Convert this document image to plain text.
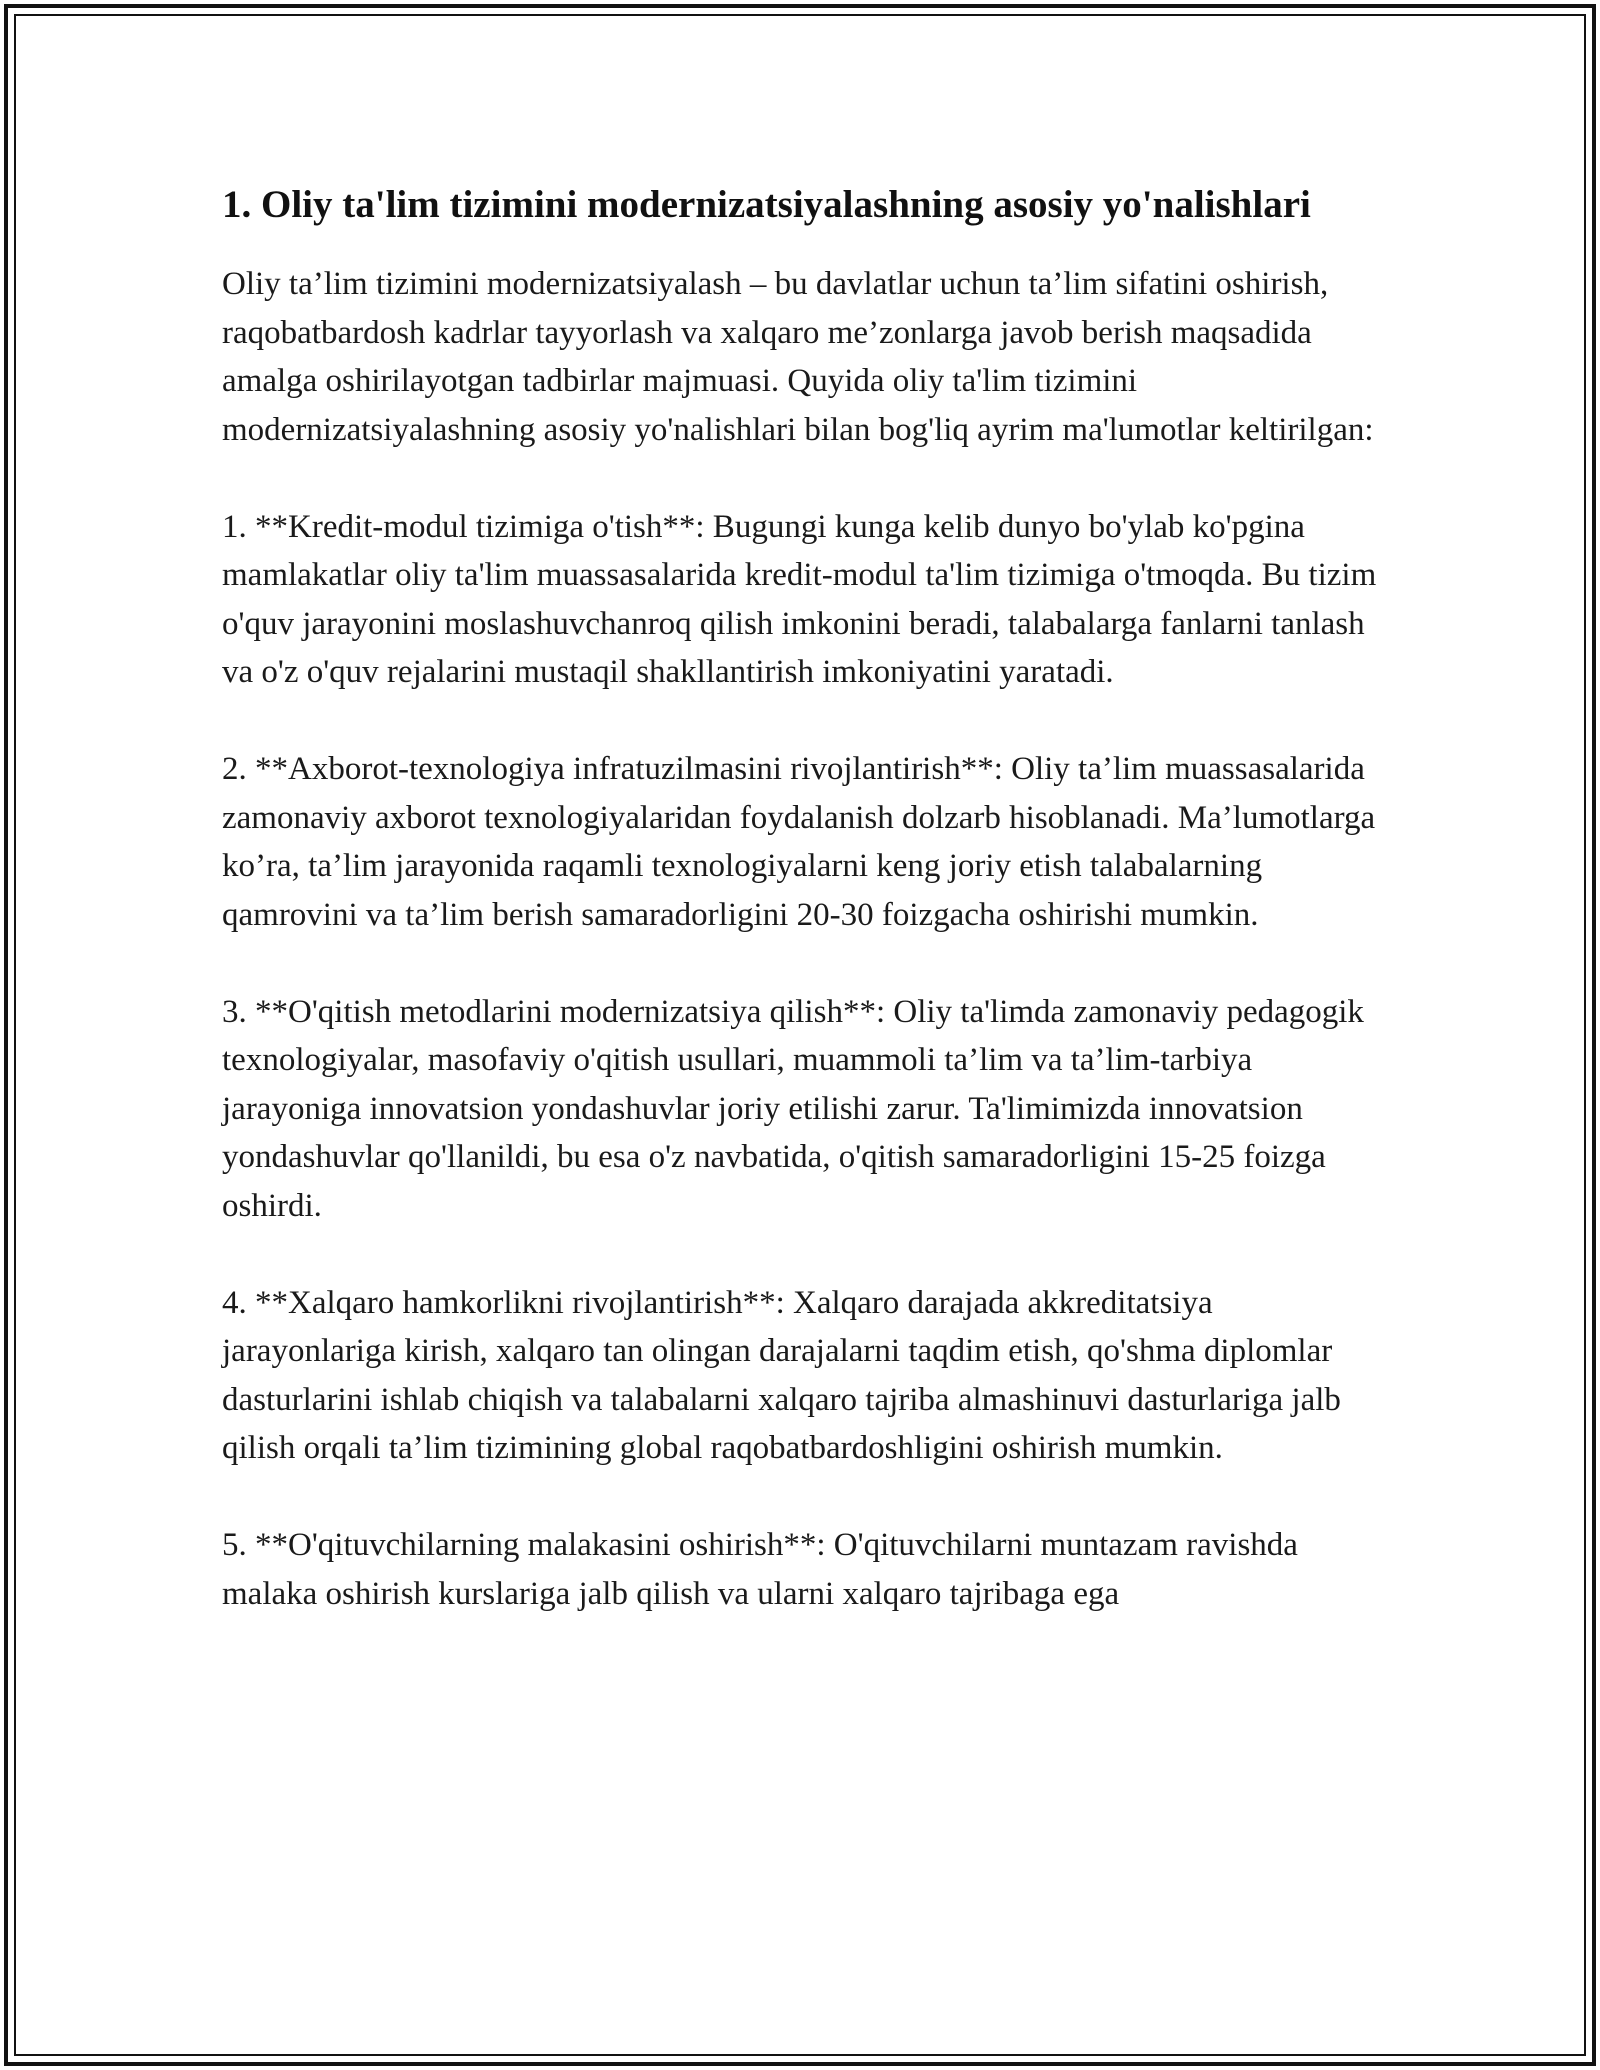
1. Oliy ta'lim tizimini modernizatsiyalashning asosiy yo'nalishlari

Oliy ta’lim tizimini modernizatsiyalash – bu davlatlar uchun ta’lim sifatini oshirish, raqobatbardosh kadrlar tayyorlash va xalqaro me’zonlarga javob berish maqsadida amalga oshirilayotgan tadbirlar majmuasi. Quyida oliy ta'lim tizimini modernizatsiyalashning asosiy yo'nalishlari bilan bog'liq ayrim ma'lumotlar keltirilgan:

1. **Kredit-modul tizimiga o'tish**: Bugungi kunga kelib dunyo bo'ylab ko'pgina mamlakatlar oliy ta'lim muassasalarida kredit-modul ta'lim tizimiga o'tmoqda. Bu tizim o'quv jarayonini moslashuvchanroq qilish imkonini beradi, talabalarga fanlarni tanlash va o'z o'quv rejalarini mustaqil shakllantirish imkoniyatini yaratadi.

2. **Axborot-texnologiya infratuzilmasini rivojlantirish**: Oliy ta’lim muassasalarida zamonaviy axborot texnologiyalaridan foydalanish dolzarb hisoblanadi. Ma’lumotlarga ko’ra, ta’lim jarayonida raqamli texnologiyalarni keng joriy etish talabalarning qamrovini va ta’lim berish samaradorligini 20-30 foizgacha oshirishi mumkin.

3. **O'qitish metodlarini modernizatsiya qilish**: Oliy ta'limda zamonaviy pedagogik texnologiyalar, masofaviy o'qitish usullari, muammoli ta’lim va ta’lim-tarbiya jarayoniga innovatsion yondashuvlar joriy etilishi zarur. Ta'limimizda innovatsion yondashuvlar qo'llanildi, bu esa o'z navbatida, o'qitish samaradorligini 15-25 foizga oshirdi.

4. **Xalqaro hamkorlikni rivojlantirish**: Xalqaro darajada akkreditatsiya jarayonlariga kirish, xalqaro tan olingan darajalarni taqdim etish, qo'shma diplomlar dasturlarini ishlab chiqish va talabalarni xalqaro tajriba almashinuvi dasturlariga jalb qilish orqali ta’lim tizimining global raqobatbardoshligini oshirish mumkin.

5. **O'qituvchilarning malakasini oshirish**: O'qituvchilarni muntazam ravishda malaka oshirish kurslariga jalb qilish va ularni xalqaro tajribaga ega
